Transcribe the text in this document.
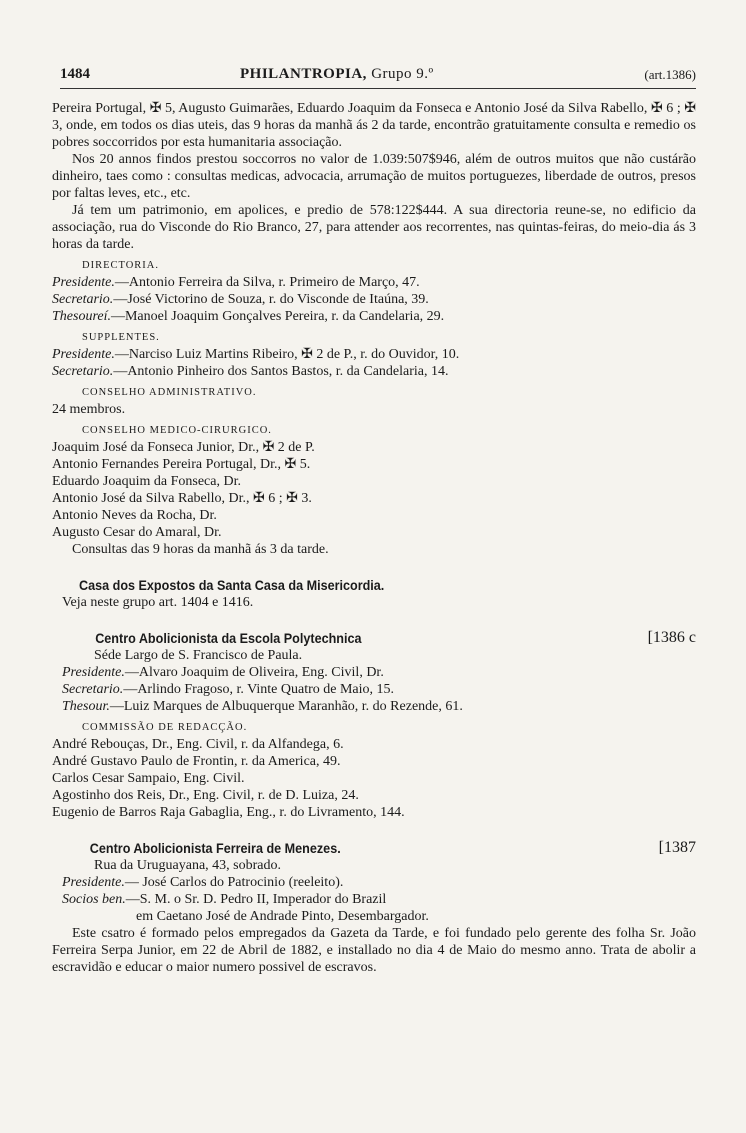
1484	PHILANTROPIA, Grupo 9.º	(art.1386)

Pereira Portugal, ✠ 5, Augusto Guimarães, Eduardo Joaquim da Fonseca e Antonio José da Silva Rabello, ✠ 6 ; ✠ 3, onde, em todos os dias uteis, das 9 horas da manhã ás 2 da tarde, encontrão gratuitamente consulta e remedio os pobres soccorridos por esta humanitaria associação.

Nos 20 annos findos prestou soccorros no valor de 1.039:507$946, além de outros muitos que não custárão dinheiro, taes como : consultas medicas, advocacia, arrumação de muitos portuguezes, liberdade de outros, presos por faltas leves, etc., etc.

Já tem um patrimonio, em apolices, e predio de 578:122$444. A sua directoria reune-se, no edificio da associação, rua do Visconde do Rio Branco, 27, para attender aos recorrentes, nas quintas-feiras, do meio-dia ás 3 horas da tarde.

DIRECTORIA.
Presidente.—Antonio Ferreira da Silva, r. Primeiro de Março, 47.
Secretario.—José Victorino de Souza, r. do Visconde de Itaúna, 39.
Thesoureí.—Manoel Joaquim Gonçalves Pereira, r. da Candelaria, 29.
SUPPLENTES.
Presidente.—Narciso Luiz Martins Ribeiro, ✠ 2 de P., r. do Ouvidor, 10.
Secretario.—Antonio Pinheiro dos Santos Bastos, r. da Candelaria, 14.
CONSELHO ADMINISTRATIVO.
24 membros.
CONSELHO MEDICO-CIRURGICO.
Joaquim José da Fonseca Junior, Dr., ✠ 2 de P.
Antonio Fernandes Pereira Portugal, Dr., ✠ 5.
Eduardo Joaquim da Fonseca, Dr.
Antonio José da Silva Rabello, Dr., ✠ 6 ; ✠ 3.
Antonio Neves da Rocha, Dr.
Augusto Cesar do Amaral, Dr.
Consultas das 9 horas da manhã ás 3 da tarde.
Casa dos Expostos da Santa Casa da Misericordia.
Veja neste grupo art. 1404 e 1416.
Centro Abolicionista da Escola Polytechnica	[1386 c
Séde Largo de S. Francisco de Paula.
Presidente.—Alvaro Joaquim de Oliveira, Eng. Civil, Dr.
Secretario.—Arlindo Fragoso, r. Vinte Quatro de Maio, 15.
Thesour.—Luiz Marques de Albuquerque Maranhão, r. do Rezende, 61.
COMMISSÃO DE REDACÇÃO.
André Rebouças, Dr., Eng. Civil, r. da Alfandega, 6.
André Gustavo Paulo de Frontin, r. da America, 49.
Carlos Cesar Sampaio, Eng. Civil.
Agostinho dos Reis, Dr., Eng. Civil, r. de D. Luiza, 24.
Eugenio de Barros Raja Gabaglia, Eng., r. do Livramento, 144.
Centro Abolicionista Ferreira de Menezes.	[1387
Rua da Uruguayana, 43, sobrado.
Presidente.— José Carlos do Patrocinio (reeleito).
Socios ben.—S. M. o Sr. D. Pedro II, Imperador do Brazil
em Caetano José de Andrade Pinto, Desembargador.

Este csatro é formado pelos empregados da Gazeta da Tarde, e foi fundado pelo gerente des folha Sr. João Ferreira Serpa Junior, em 22 de Abril de 1882, e installado no dia 4 de Maio do mesmo anno. Trata de abolir a escravidão e educar o maior numero possivel de escravos.
